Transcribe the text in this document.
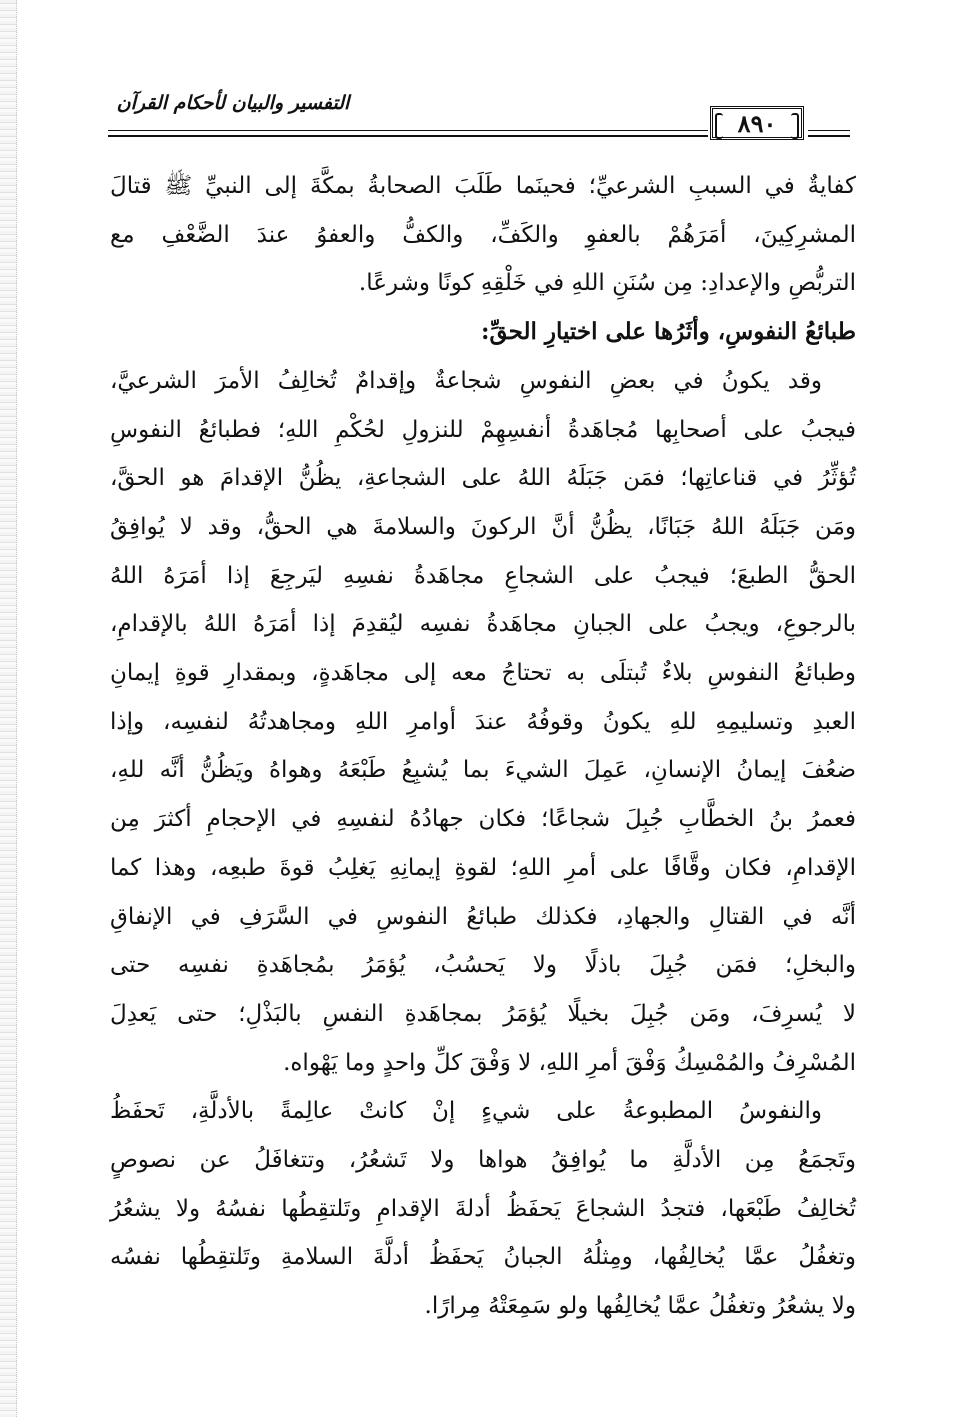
التفسير والبيان لأحكام القرآن
٨٩٠

كفايةٌ في السببِ الشرعيِّ؛ فحينَما طَلَبَ الصحابةُ بمكَّةَ إلى النبيِّ ﷺ قتالَ
المشرِكِينَ، أمَرَهُمْ بالعفوِ والكَفِّ، والكفُّ والعفوُ عندَ الضَّعْفِ مع
التربُّصِ والإعدادِ: مِن سُنَنِ اللهِ في خَلْقِهِ كونًا وشرعًا.

طبائعُ النفوسِ، وأثَرُها على اختيارِ الحقِّ:

وقد يكونُ في بعضِ النفوسِ شجاعةٌ وإقدامٌ تُخالِفُ الأمرَ الشرعيَّ،
فيجبُ على أصحابِها مُجاهَدةُ أنفسِهِمْ للنزولِ لحُكْمِ اللهِ؛ فطبائعُ النفوسِ
تُؤثِّرُ في قناعاتِها؛ فمَن جَبَلَهُ اللهُ على الشجاعةِ، يظُنُّ الإقدامَ هو الحقَّ،
ومَن جَبَلَهُ اللهُ جَبَانًا، يظُنُّ أنَّ الركونَ والسلامةَ هي الحقُّ، وقد لا يُوافِقُ
الحقُّ الطبعَ؛ فيجبُ على الشجاعِ مجاهَدةُ نفسِهِ ليَرجِعَ إذا أمَرَهُ اللهُ
بالرجوعِ، ويجبُ على الجبانِ مجاهَدةُ نفسِه ليُقدِمَ إذا أمَرَهُ اللهُ بالإقدامِ،
وطبائعُ النفوسِ بلاءٌ تُبتلَى به تحتاجُ معه إلى مجاهَدةٍ، وبمقدارِ قوةِ إيمانِ
العبدِ وتسليمِهِ للهِ يكونُ وقوفُهُ عندَ أوامرِ اللهِ ومجاهدتُهُ لنفسِه، وإذا
ضعُفَ إيمانُ الإنسانِ، عَمِلَ الشيءَ بما يُشبِعُ طَبْعَهُ وهواهُ ويَظُنُّ أنَّه للهِ،
فعمرُ بنُ الخطَّابِ جُبِلَ شجاعًا؛ فكان جهادُهُ لنفسِهِ في الإحجامِ أكثرَ مِن
الإقدامِ، فكان وقَّافًا على أمرِ اللهِ؛ لقوةِ إيمانِهِ يَغلِبُ قوةَ طبعِه، وهذا كما
أنَّه في القتالِ والجهادِ، فكذلك طبائعُ النفوسِ في السَّرَفِ في الإنفاقِ
والبخلِ؛ فمَن جُبِلَ باذلًا ولا يَحسُبُ، يُؤمَرُ بمُجاهَدةِ نفسِه حتى
لا يُسرِفَ، ومَن جُبِلَ بخيلًا يُؤمَرُ بمجاهَدةِ النفسِ بالبَذْلِ؛ حتى يَعدِلَ
المُسْرِفُ والمُمْسِكُ وَفْقَ أمرِ اللهِ، لا وَفْقَ كلِّ واحدٍ وما يَهْواه.

والنفوسُ المطبوعةُ على شيءٍ إنْ كانتْ عالِمةً بالأدلَّةِ، تَحفَظُ
وتَجمَعُ مِن الأدلَّةِ ما يُوافِقُ هواها ولا تَشعُرُ، وتتغافَلُ عن نصوصٍ
تُخالِفُ طَبْعَها، فتجدُ الشجاعَ يَحفَظُ أدلةَ الإقدامِ وتَلتقِطُها نفسُهُ ولا يشعُرُ
وتغفُلُ عمَّا يُخالِفُها، ومِثلُهُ الجبانُ يَحفَظُ أدلَّةَ السلامةِ وتَلتقِطُها نفسُه
ولا يشعُرُ وتغفُلُ عمَّا يُخالِفُها ولو سَمِعَتْهُ مِرارًا.
